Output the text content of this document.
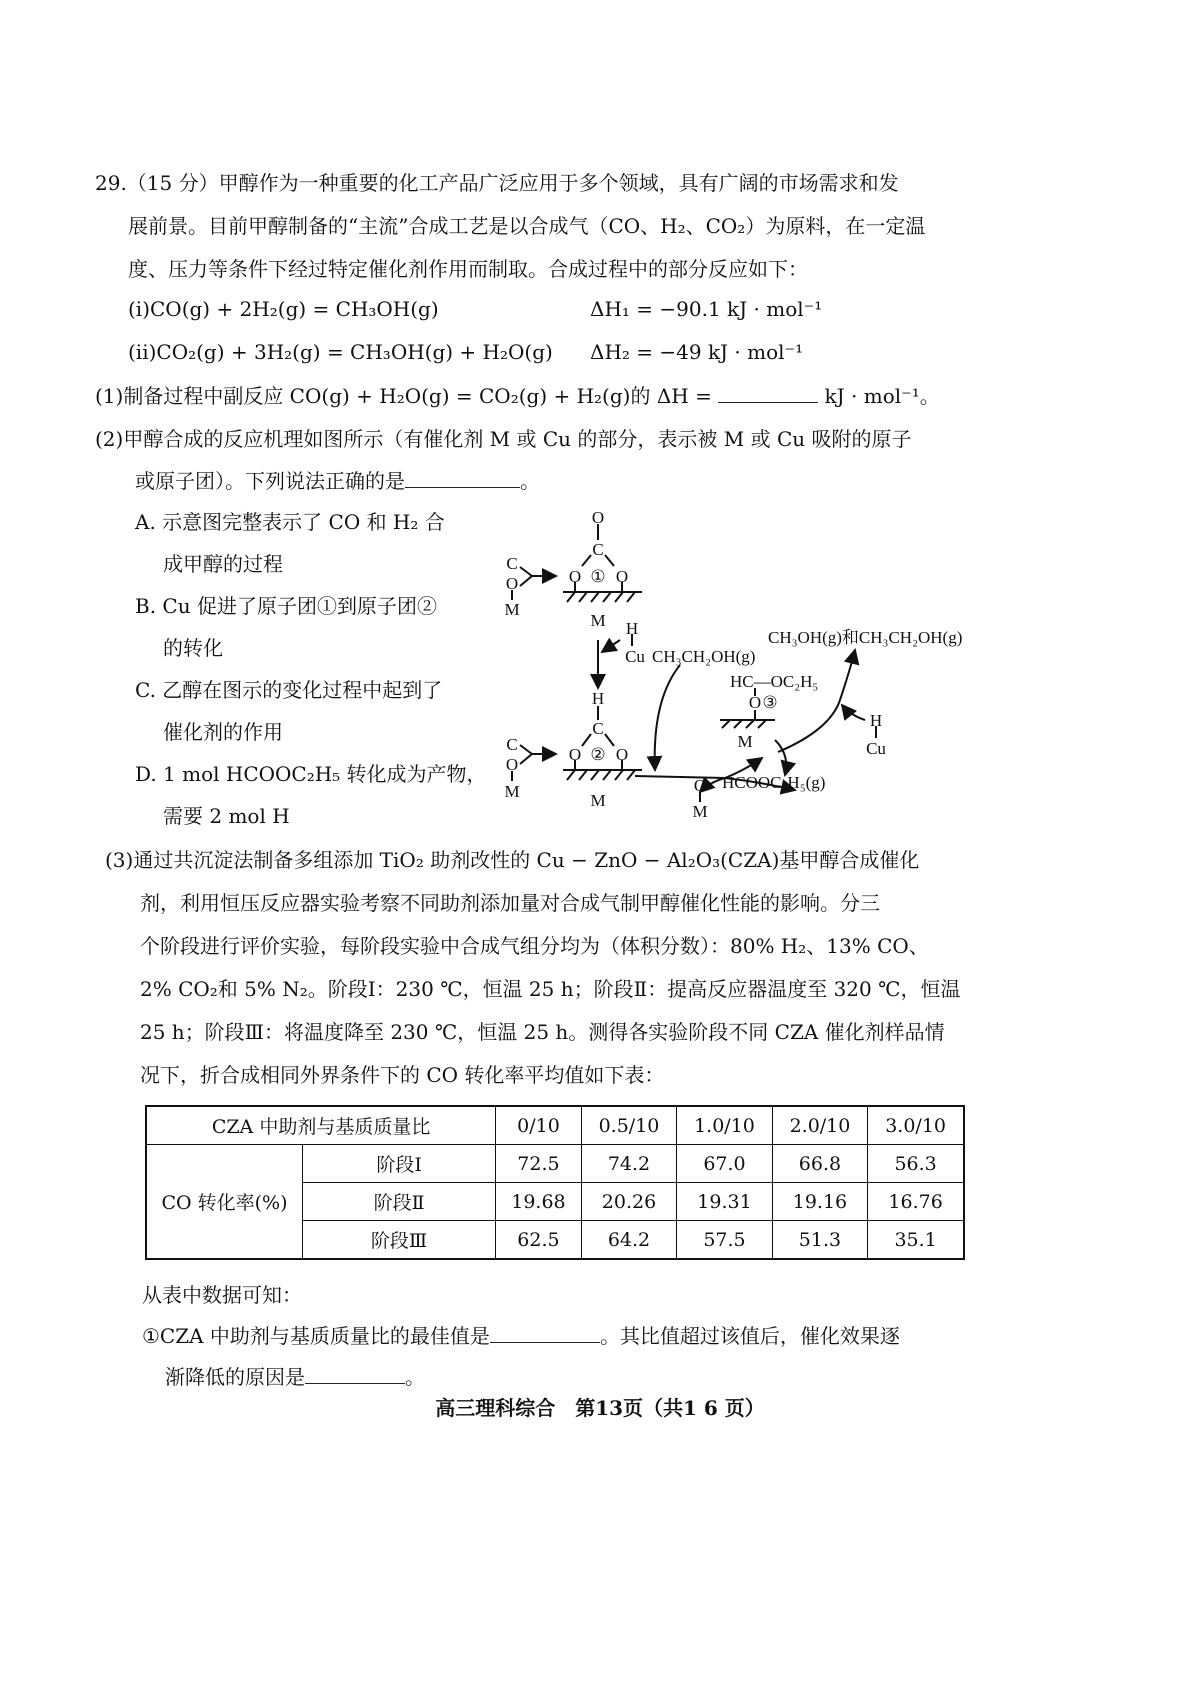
29.（15 分）甲醇作为一种重要的化工产品广泛应用于多个领域，具有广阔的市场需求和发
展前景。目前甲醇制备的“主流”合成工艺是以合成气（CO、H₂、CO₂）为原料，在一定温
度、压力等条件下经过特定催化剂作用而制取。合成过程中的部分反应如下：
(i)CO(g) + 2H₂(g) = CH₃OH(g)	ΔH₁ = −90.1 kJ · mol⁻¹
(ii)CO₂(g) + 3H₂(g) = CH₃OH(g) + H₂O(g) ΔH₂ = −49 kJ · mol⁻¹
(1)制备过程中副反应 CO(g) + H₂O(g) = CO₂(g) + H₂(g)的 ΔH =	kJ · mol⁻¹。
(2)甲醇合成的反应机理如图所示（有催化剂 M 或 Cu 的部分，表示被 M 或 Cu 吸附的原子
或原子团）。下列说法正确的是	。
A. 示意图完整表示了 CO 和 H₂ 合
成甲醇的过程
B. Cu 促进了原子团①到原子团②
的转化
C. 乙醇在图示的变化过程中起到了
催化剂的作用
D. 1 mol HCOOC₂H₅ 转化成为产物，
需要 2 mol H
O
C
O ① O
M
C
O
M
H
Cu
H
C
O ② O
M
C
O
M
O ③
M
O
M
H
Cu
CH₃CH₂OH(g)
CH₃OH(g)和CH₃CH₂OH(g)
HC—OC₂H₅
HCOOC₂H₅(g)
(3)通过共沉淀法制备多组添加 TiO₂ 助剂改性的 Cu − ZnO − Al₂O₃(CZA)基甲醇合成催化
剂，利用恒压反应器实验考察不同助剂添加量对合成气制甲醇催化性能的影响。分三
个阶段进行评价实验，每阶段实验中合成气组分均为（体积分数）：80% H₂、13% CO、
2% CO₂和 5% N₂。阶段Ⅰ：230 ℃，恒温 25 h；阶段Ⅱ：提高反应器温度至 320 ℃，恒温
25 h；阶段Ⅲ：将温度降至 230 ℃，恒温 25 h。测得各实验阶段不同 CZA 催化剂样品情
况下，折合成相同外界条件下的 CO 转化率平均值如下表：
CZA 中助剂与基质质量比		0/10	0.5/10	1.0/10	2.0/10	3.0/10
CO 转化率(%)	阶段Ⅰ	72.5	74.2	67.0	66.8	56.3
	阶段Ⅱ	19.68	20.26	19.31	19.16	16.76
	阶段Ⅲ	62.5	64.2	57.5	51.3	35.1
从表中数据可知：
①CZA 中助剂与基质质量比的最佳值是	。其比值超过该值后，催化效果逐
渐降低的原因是	。
高三理科综合　第13页（共1 6 页）
